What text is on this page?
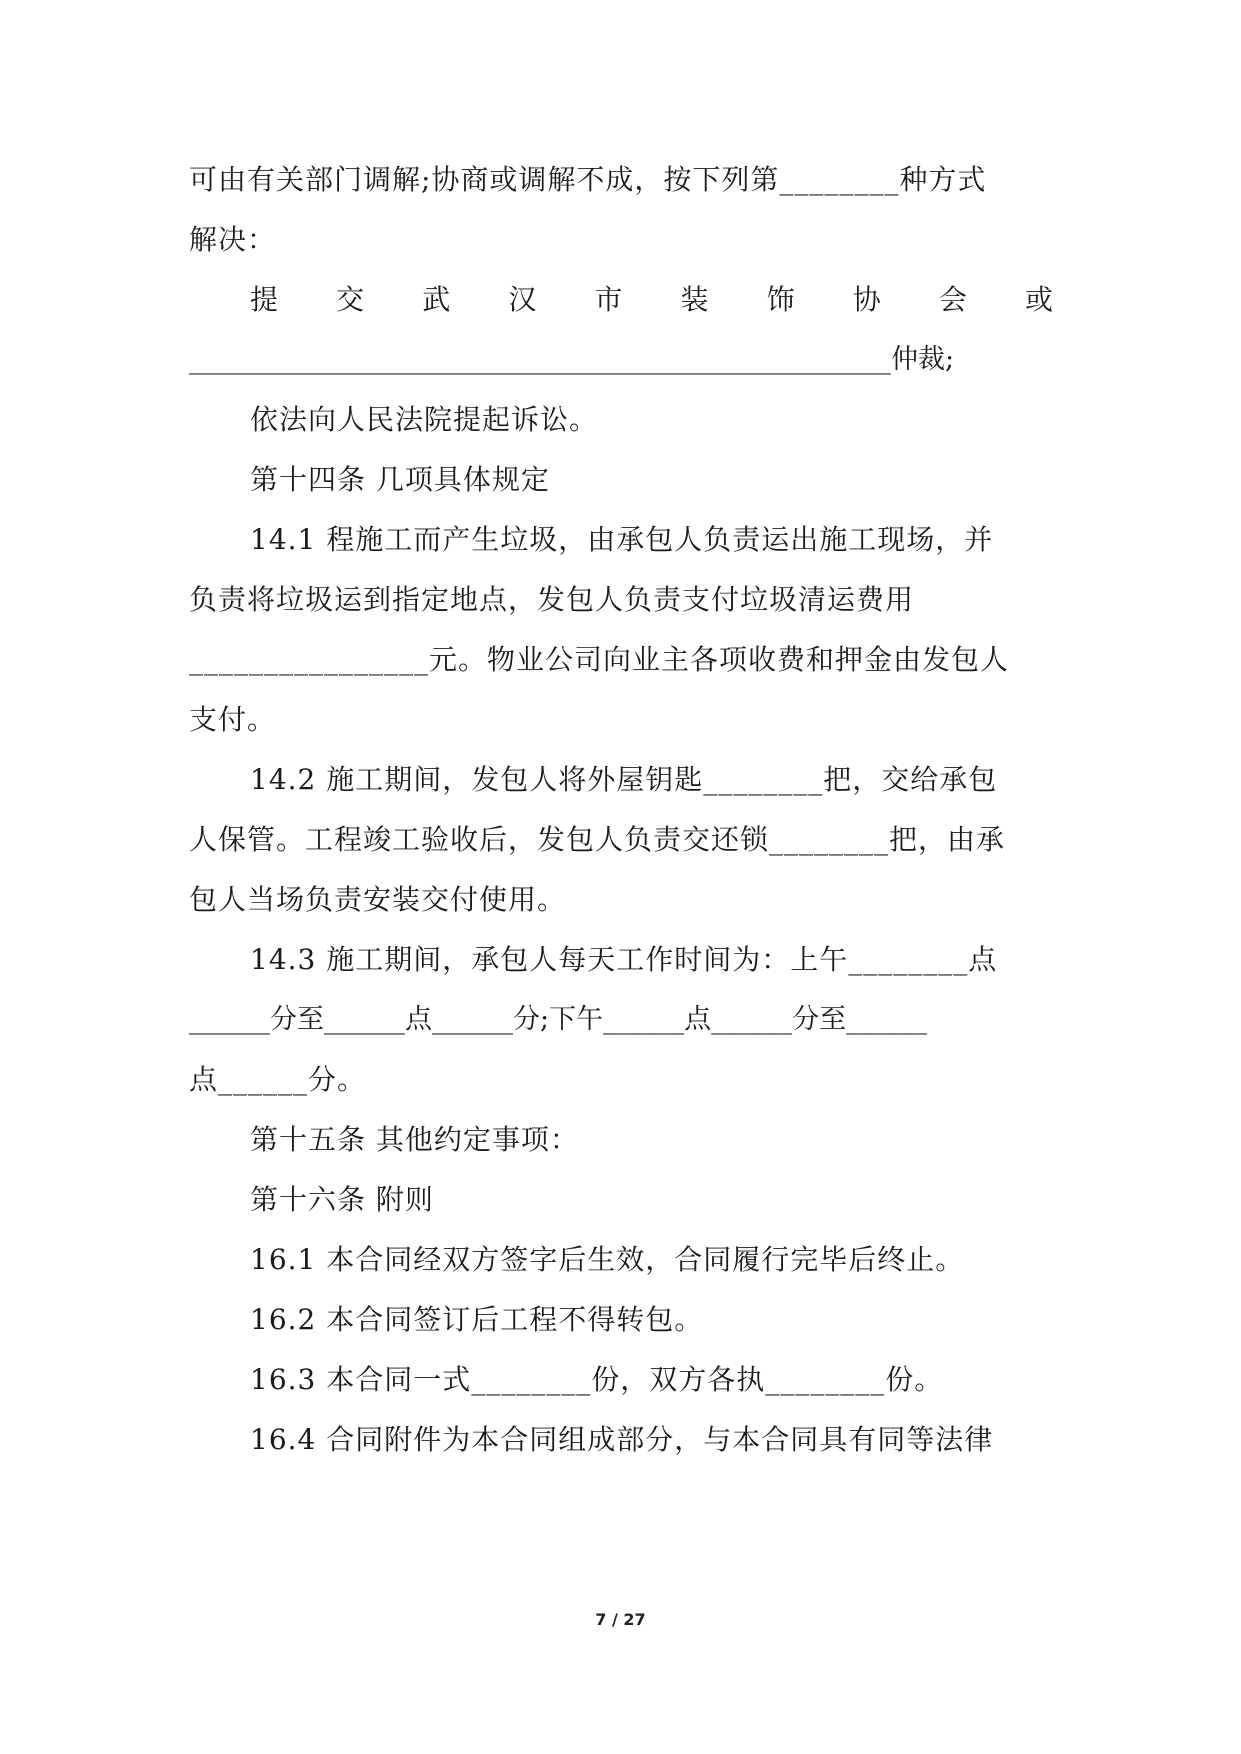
可由有关部门调解;协商或调解不成，按下列第________种方式
解决：
提 交 武 汉 市 装 饰 协 会 或
____________________________________________________仲裁;
依法向人民法院提起诉讼。
第十四条 几项具体规定
14.1 程施工而产生垃圾，由承包人负责运出施工现场，并
负责将垃圾运到指定地点，发包人负责支付垃圾清运费用
________________元。物业公司向业主各项收费和押金由发包人
支付。
14.2 施工期间，发包人将外屋钥匙________把，交给承包
人保管。工程竣工验收后，发包人负责交还锁________把，由承
包人当场负责安装交付使用。
14.3 施工期间，承包人每天工作时间为：上午________点
______分至______点______分;下午______点______分至______
点______分。
第十五条 其他约定事项：
第十六条 附则
16.1 本合同经双方签字后生效，合同履行完毕后终止。
16.2 本合同签订后工程不得转包。
16.3 本合同一式________份，双方各执________份。
16.4 合同附件为本合同组成部分，与本合同具有同等法律
7 / 27
